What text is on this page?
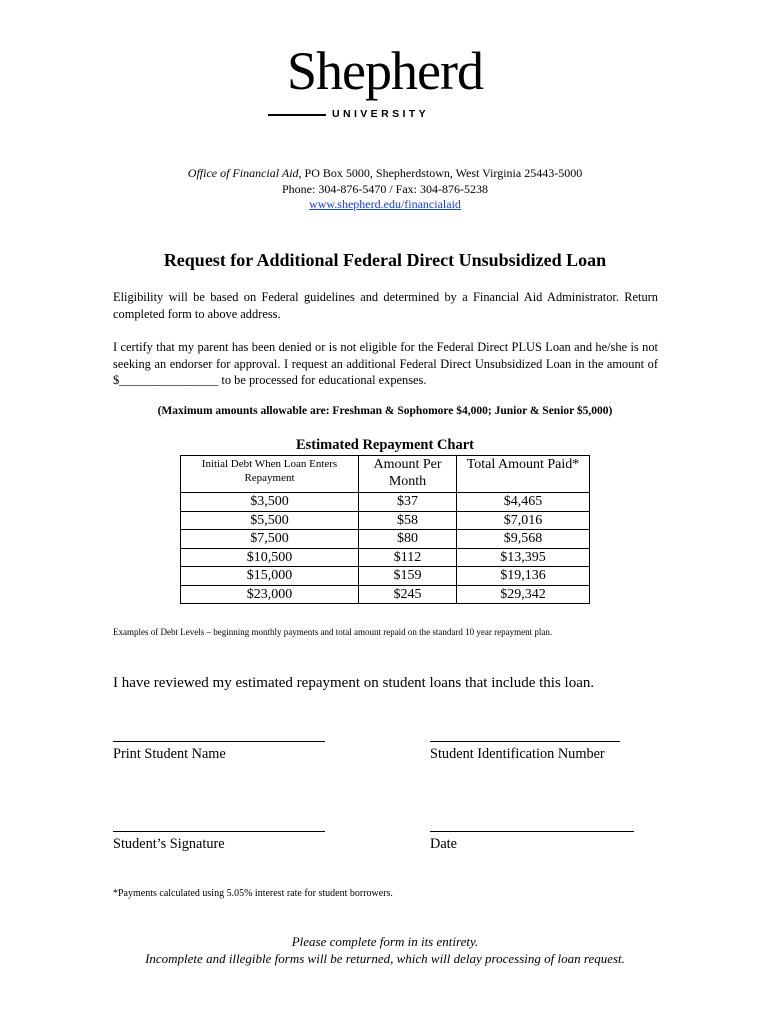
Shepherd
UNIVERSITY
Office of Financial Aid, PO Box 5000, Shepherdstown, West Virginia 25443-5000
Phone: 304-876-5470 / Fax: 304-876-5238
www.shepherd.edu/financialaid
Request for Additional Federal Direct Unsubsidized Loan
Eligibility will be based on Federal guidelines and determined by a Financial Aid Administrator. Return completed form to above address.
I certify that my parent has been denied or is not eligible for the Federal Direct PLUS Loan and he/she is not seeking an endorser for approval. I request an additional Federal Direct Unsubsidized Loan in the amount of $________________ to be processed for educational expenses.
(Maximum amounts allowable are: Freshman & Sophomore $4,000; Junior & Senior $5,000)
Estimated Repayment Chart
Initial Debt When Loan Enters Repayment	Amount Per Month	Total Amount Paid*
$3,500	$37	$4,465
$5,500	$58	$7,016
$7,500	$80	$9,568
$10,500	$112	$13,395
$15,000	$159	$19,136
$23,000	$245	$29,342
Examples of Debt Levels – beginning monthly payments and total amount repaid on the standard 10 year repayment plan.
I have reviewed my estimated repayment on student loans that include this loan.
Print Student Name	Student Identification Number
Student’s Signature	Date
*Payments calculated using 5.05% interest rate for student borrowers.
Please complete form in its entirety.
Incomplete and illegible forms will be returned, which will delay processing of loan request.
